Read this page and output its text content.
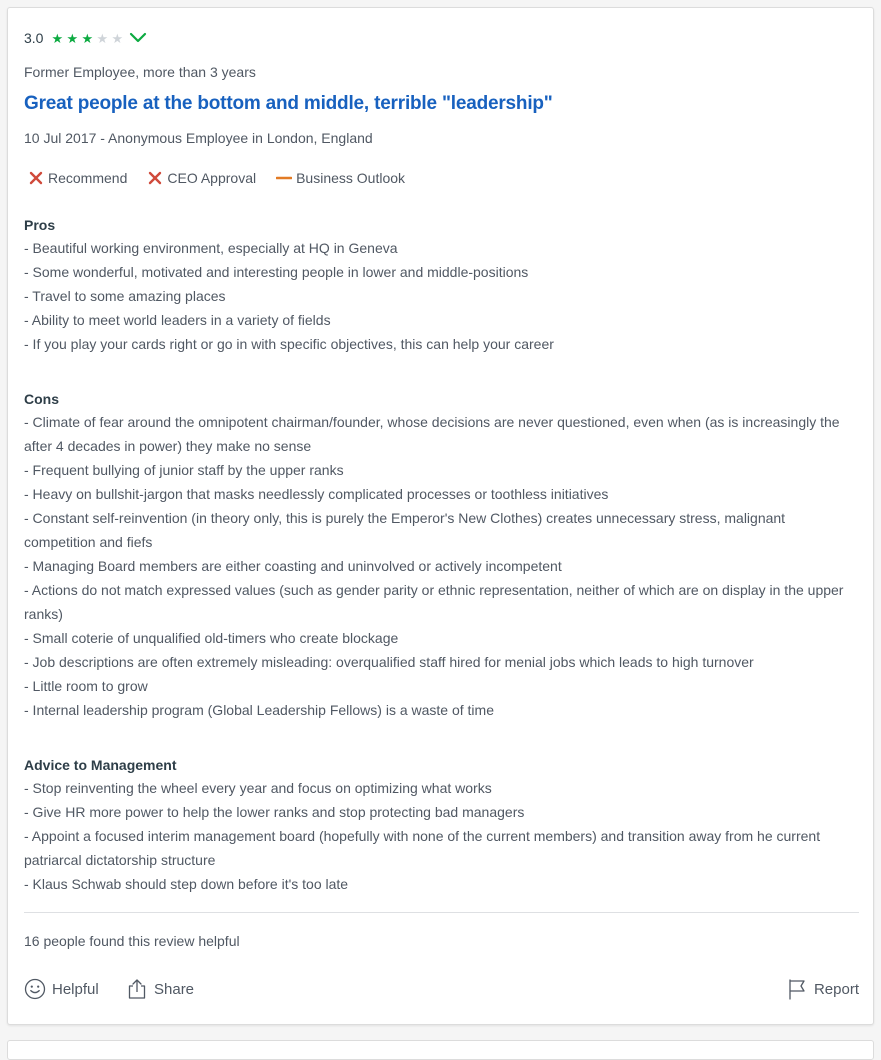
3.0 ★ ★ ★ ★ ★
Former Employee, more than 3 years
Great people at the bottom and middle, terrible "leadership"
10 Jul 2017 - Anonymous Employee in London, England
Recommend	CEO Approval	Business Outlook
Pros
- Beautiful working environment, especially at HQ in Geneva
- Some wonderful, motivated and interesting people in lower and middle-positions
- Travel to some amazing places
- Ability to meet world leaders in a variety of fields
- If you play your cards right or go in with specific objectives, this can help your career
Cons
- Climate of fear around the omnipotent chairman/founder, whose decisions are never questioned, even when (as is increasingly the after 4 decades in power) they make no sense
- Frequent bullying of junior staff by the upper ranks
- Heavy on bullshit-jargon that masks needlessly complicated processes or toothless initiatives
- Constant self-reinvention (in theory only, this is purely the Emperor's New Clothes) creates unnecessary stress, malignant competition and fiefs
- Managing Board members are either coasting and uninvolved or actively incompetent
- Actions do not match expressed values (such as gender parity or ethnic representation, neither of which are on display in the upper ranks)
- Small coterie of unqualified old-timers who create blockage
- Job descriptions are often extremely misleading: overqualified staff hired for menial jobs which leads to high turnover
- Little room to grow
- Internal leadership program (Global Leadership Fellows) is a waste of time
Advice to Management
- Stop reinventing the wheel every year and focus on optimizing what works
- Give HR more power to help the lower ranks and stop protecting bad managers
- Appoint a focused interim management board (hopefully with none of the current members) and transition away from he current patriarcal dictatorship structure
- Klaus Schwab should step down before it's too late
16 people found this review helpful
Helpful	Share	Report
